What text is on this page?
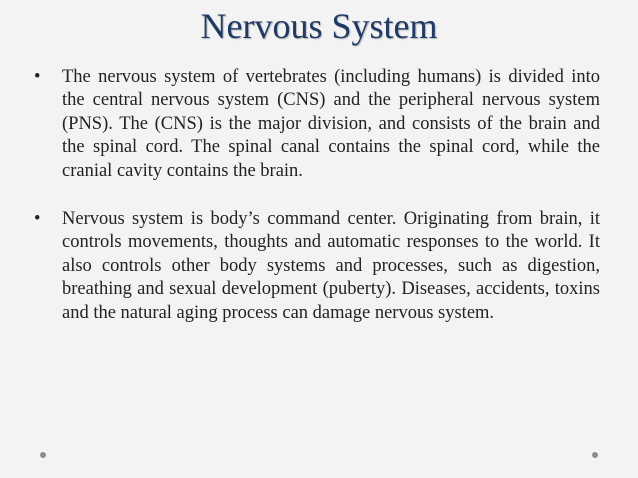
Nervous System
• The nervous system of vertebrates (including humans) is divided into the central nervous system (CNS) and the peripheral nervous system (PNS). The (CNS) is the major division, and consists of the brain and the spinal cord. The spinal canal contains the spinal cord, while the cranial cavity contains the brain.
• Nervous system is body’s command center. Originating from brain, it controls movements, thoughts and automatic responses to the world. It also controls other body systems and processes, such as digestion, breathing and sexual development (puberty). Diseases, accidents, toxins and the natural aging process can damage nervous system.
